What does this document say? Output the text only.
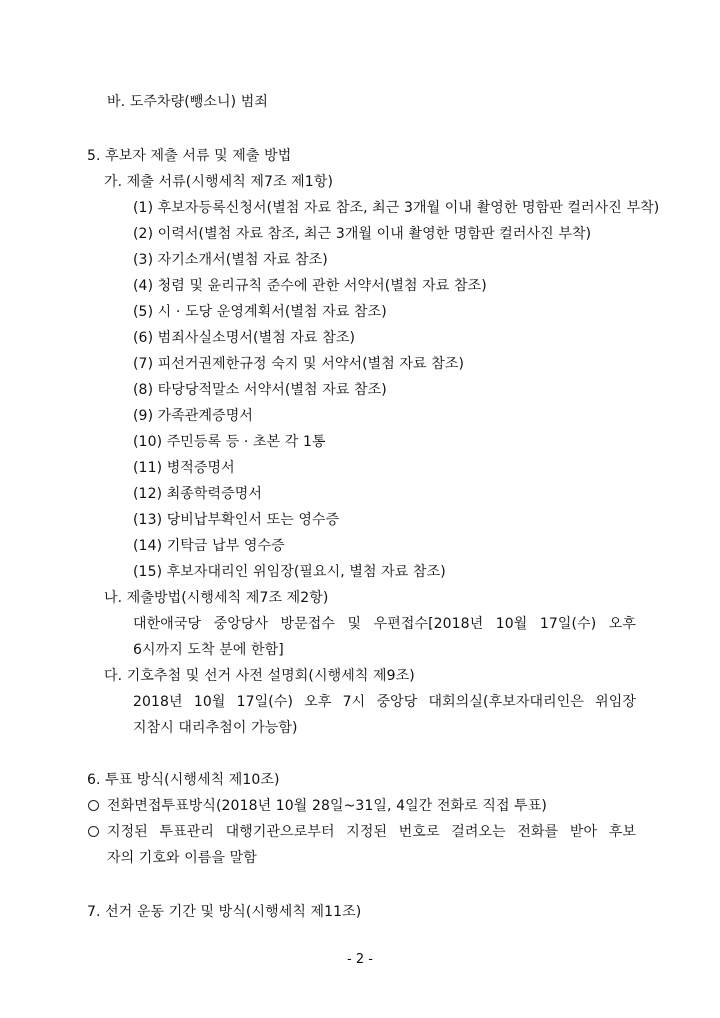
바. 도주차량(뺑소니) 범죄
5. 후보자 제출 서류 및 제출 방법
가. 제출 서류(시행세칙 제7조 제1항)
(1) 후보자등록신청서(별첨 자료 참조, 최근 3개월 이내 촬영한 명함판 컬러사진 부착)
(2) 이력서(별첨 자료 참조, 최근 3개월 이내 촬영한 명함판 컬러사진 부착)
(3) 자기소개서(별첨 자료 참조)
(4) 청렴 및 윤리규칙 준수에 관한 서약서(별첨 자료 참조)
(5) 시 · 도당 운영계획서(별첨 자료 참조)
(6) 범죄사실소명서(별첨 자료 참조)
(7) 피선거권제한규정 숙지 및 서약서(별첨 자료 참조)
(8) 타당당적말소 서약서(별첨 자료 참조)
(9) 가족관계증명서
(10) 주민등록 등 · 초본 각 1통
(11) 병적증명서
(12) 최종학력증명서
(13) 당비납부확인서 또는 영수증
(14) 기탁금 납부 영수증
(15) 후보자대리인 위임장(필요시, 별첨 자료 참조)
나. 제출방법(시행세칙 제7조 제2항)
대한애국당 중앙당사 방문접수 및 우편접수[2018년 10월 17일(수) 오후
6시까지 도착 분에 한함]
다. 기호추첨 및 선거 사전 설명회(시행세칙 제9조)
2018년 10월 17일(수) 오후 7시 중앙당 대회의실(후보자대리인은 위임장
지참시 대리추첨이 가능함)
6. 투표 방식(시행세칙 제10조)
전화면접투표방식(2018년 10월 28일~31일, 4일간 전화로 직접 투표)
지정된 투표관리 대행기관으로부터 지정된 번호로 걸려오는 전화를 받아 후보
자의 기호와 이름을 말함
7. 선거 운동 기간 및 방식(시행세칙 제11조)
- 2 -
